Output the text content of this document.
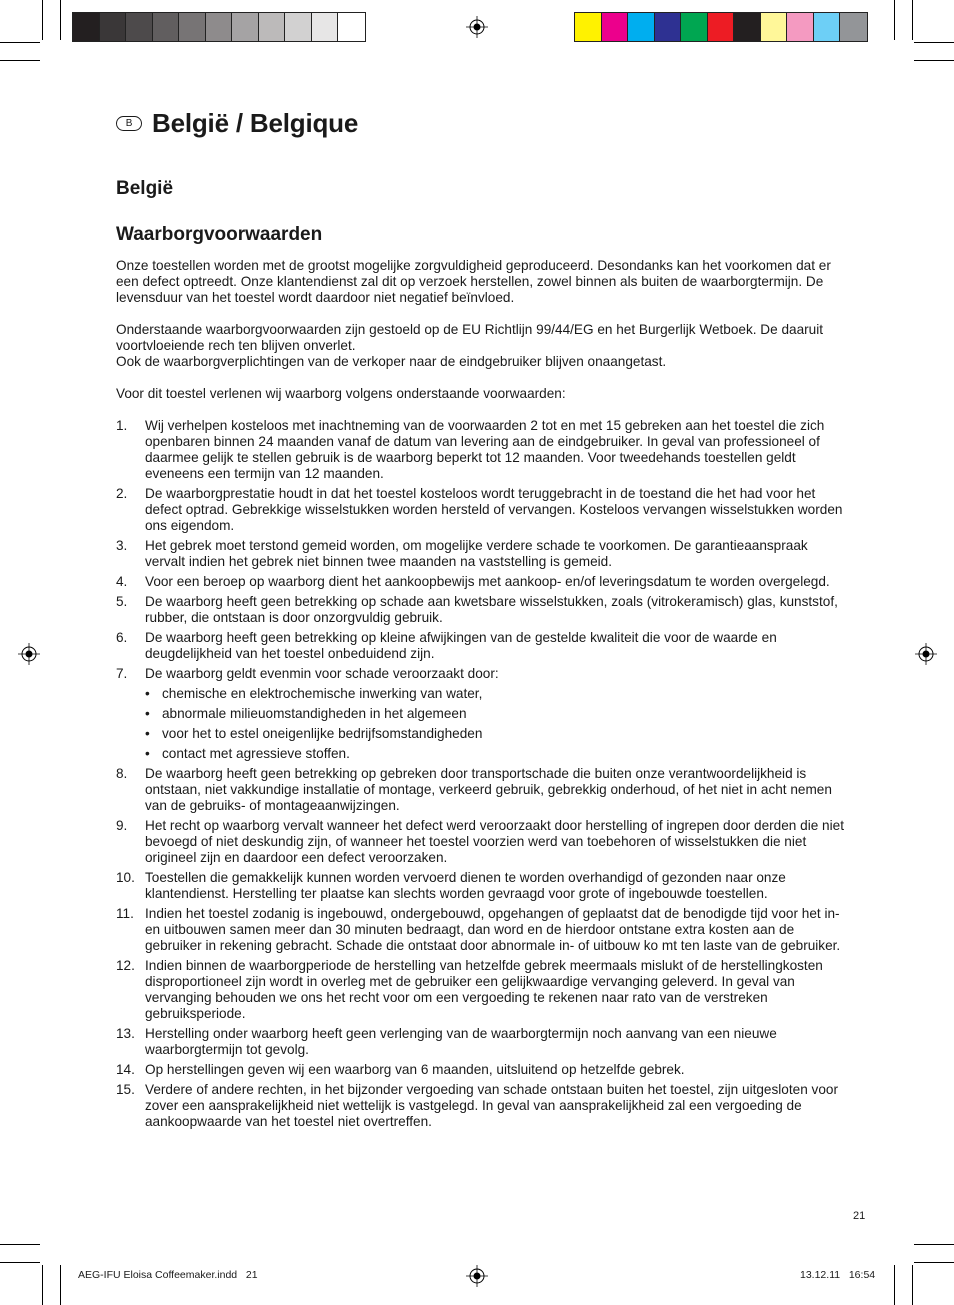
B België / Belgique
België
Waarborgvoorwaarden

Onze toestellen worden met de grootst mogelijke zorgvuldigheid geproduceerd. Desondanks kan het voorkomen dat er een defect optreedt. Onze klantendienst zal dit op verzoek herstellen, zowel binnen als buiten de waarborgtermijn. De levensduur van het toestel wordt daardoor niet negatief beïnvloed.

Onderstaande waarborgvoorwaarden zijn gestoeld op de EU Richtlijn 99/44/EG en het Burgerlijk Wetboek. De daaruit voortvloeiende rech ten blijven onverlet.
Ook de waarborgverplichtingen van de verkoper naar de eindgebruiker blijven onaangetast.

Voor dit toestel verlenen wij waarborg volgens onderstaande voorwaarden:

1. Wij verhelpen kosteloos met inachtneming van de voorwaarden 2 tot en met 15 gebreken aan het toestel die zich openbaren binnen 24 maanden vanaf de datum van levering aan de eindgebruiker. In geval van professioneel of daarmee gelijk te stellen gebruik is de waarborg beperkt tot 12 maanden. Voor tweedehands toestellen geldt eveneens een termijn van 12 maanden.
2. De waarborgprestatie houdt in dat het toestel kosteloos wordt teruggebracht in de toestand die het had voor het defect optrad. Gebrekkige wisselstukken worden hersteld of vervangen. Kosteloos vervangen wisselstukken worden ons eigendom.
3. Het gebrek moet terstond gemeid worden, om mogelijke verdere schade te voorkomen. De garantieaanspraak vervalt indien het gebrek niet binnen twee maanden na vaststelling is gemeid.
4. Voor een beroep op waarborg dient het aankoopbewijs met aankoop- en/of leveringsdatum te worden overgelegd.
5. De waarborg heeft geen betrekking op schade aan kwetsbare wisselstukken, zoals (vitrokeramisch) glas, kunststof, rubber, die ontstaan is door onzorgvuldig gebruik.
6. De waarborg heeft geen betrekking op kleine afwijkingen van de gestelde kwaliteit die voor de waarde en deugdelijkheid van het toestel onbeduidend zijn.
7. De waarborg geldt evenmin voor schade veroorzaakt door:
• chemische en elektrochemische inwerking van water,
• abnormale milieuomstandigheden in het algemeen
• voor het to estel oneigenlijke bedrijfsomstandigheden
• contact met agressieve stoffen.
8. De waarborg heeft geen betrekking op gebreken door transportschade die buiten onze verantwoordelijkheid is ontstaan, niet vakkundige installatie of montage, verkeerd gebruik, gebrekkig onderhoud, of het niet in acht nemen van de gebruiks- of montageaanwijzingen.
9. Het recht op waarborg vervalt wanneer het defect werd veroorzaakt door herstelling of ingrepen door derden die niet bevoegd of niet deskundig zijn, of wanneer het toestel voorzien werd van toebehoren of wisselstukken die niet origineel zijn en daardoor een defect veroorzaken.
10. Toestellen die gemakkelijk kunnen worden vervoerd dienen te worden overhandigd of gezonden naar onze klantendienst. Herstelling ter plaatse kan slechts worden gevraagd voor grote of ingebouwde toestellen.
11. Indien het toestel zodanig is ingebouwd, ondergebouwd, opgehangen of geplaatst dat de benodigde tijd voor het in- en uitbouwen samen meer dan 30 minuten bedraagt, dan word en de hierdoor ontstane extra kosten aan de gebruiker in rekening gebracht. Schade die ontstaat door abnormale in- of uitbouw ko mt ten laste van de gebruiker.
12. Indien binnen de waarborgperiode de herstelling van hetzelfde gebrek meermaals mislukt of de herstellingkosten disproportioneel zijn wordt in overleg met de gebruiker een gelijkwaardige vervanging geleverd. In geval van vervanging behouden we ons het recht voor om een vergoeding te rekenen naar rato van de verstreken gebruiksperiode.
13. Herstelling onder waarborg heeft geen verlenging van de waarborgtermijn noch aanvang van een nieuwe waarborgtermijn tot gevolg.
14. Op herstellingen geven wij een waarborg van 6 maanden, uitsluitend op hetzelfde gebrek.
15. Verdere of andere rechten, in het bijzonder vergoeding van schade ontstaan buiten het toestel, zijn uitgesloten voor zover een aansprakelijkheid niet wettelijk is vastgelegd. In geval van aansprakelijkheid zal een vergoeding de aankoopwaarde van het toestel niet overtreffen.
21
AEG-IFU Eloisa Coffeemaker.indd   21	13.12.11   16:54
